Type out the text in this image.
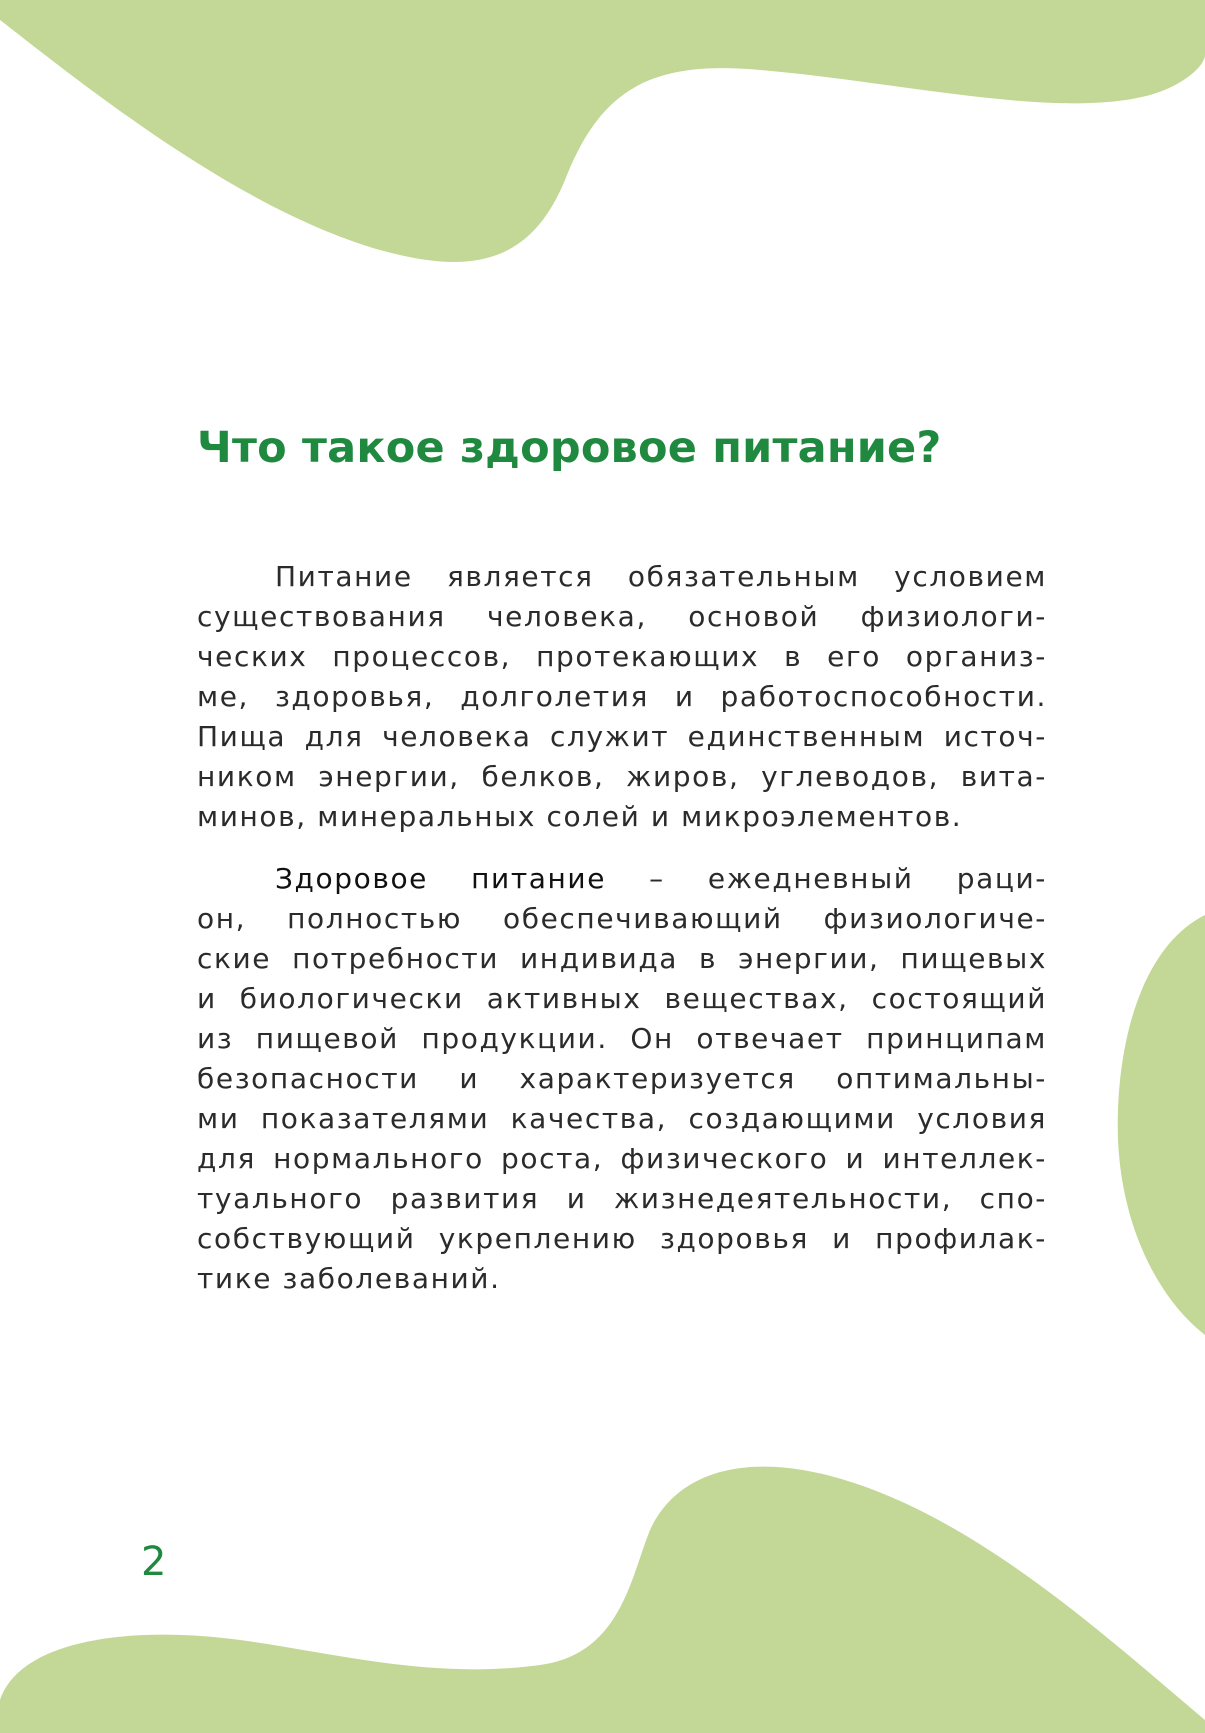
Что такое здоровое питание?
Питание является обязательным условием
существования человека, основой физиологи-
ческих процессов, протекающих в его организ-
ме, здоровья, долголетия и работоспособности.
Пища для человека служит единственным источ-
ником энергии, белков, жиров, углеводов, вита-
минов, минеральных солей и микроэлементов.
Здоровое питание – ежедневный раци-
он, полностью обеспечивающий физиологиче-
ские потребности индивида в энергии, пищевых
и биологически активных веществах, состоящий
из пищевой продукции. Он отвечает принципам
безопасности и характеризуется оптимальны-
ми показателями качества, создающими условия
для нормального роста, физического и интеллек-
туального развития и жизнедеятельности, спо-
собствующий укреплению здоровья и профилак-
тике заболеваний.
2
